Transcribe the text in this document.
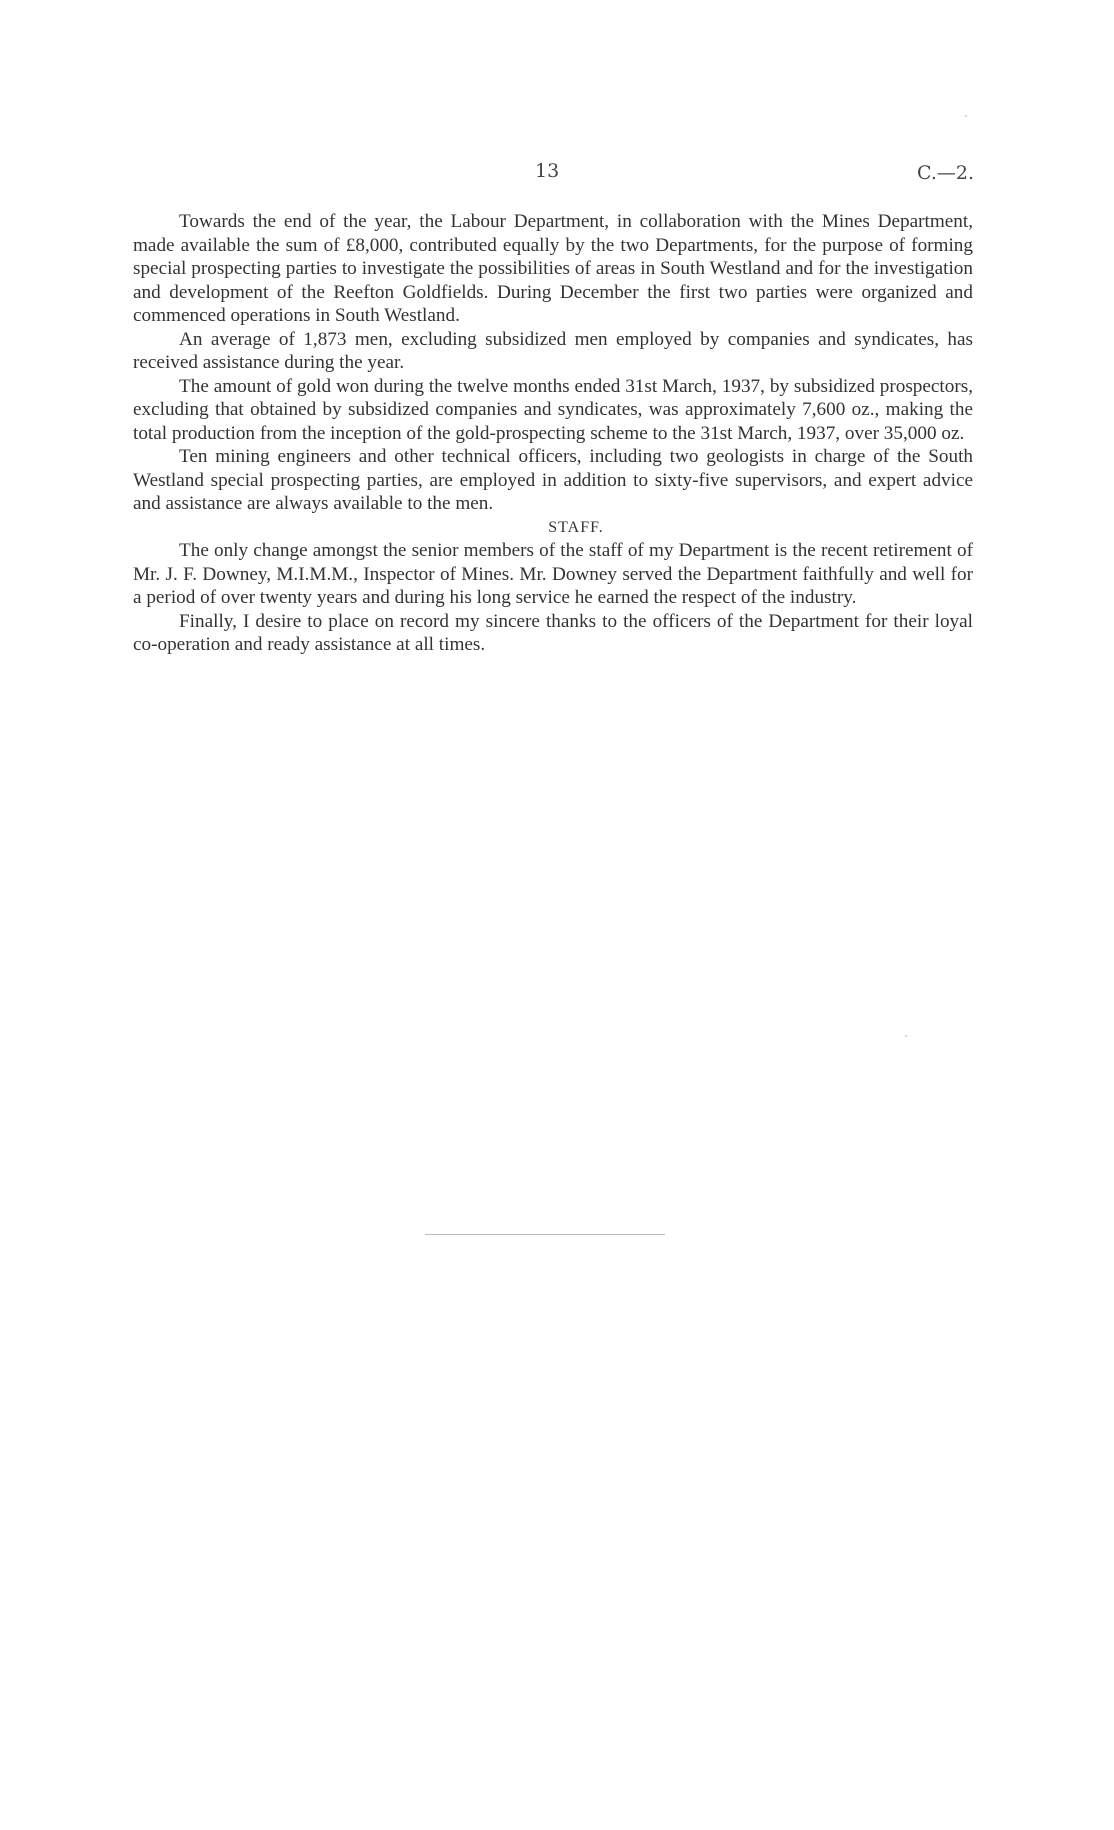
13	C.—2.

Towards the end of the year, the Labour Department, in collaboration with the Mines Department, made available the sum of £8,000, contributed equally by the two Departments, for the purpose of forming special prospecting parties to investigate the possibilities of areas in South Westland and for the investigation and development of the Reefton Goldfields. During December the first two parties were organized and commenced operations in South Westland.

An average of 1,873 men, excluding subsidized men employed by companies and syndicates, has received assistance during the year.

The amount of gold won during the twelve months ended 31st March, 1937, by subsidized prospectors, excluding that obtained by subsidized companies and syndicates, was approximately 7,600 oz., making the total production from the inception of the gold-prospecting scheme to the 31st March, 1937, over 35,000 oz.

Ten mining engineers and other technical officers, including two geologists in charge of the South Westland special prospecting parties, are employed in addition to sixty-five supervisors, and expert advice and assistance are always available to the men.

STAFF.

The only change amongst the senior members of the staff of my Department is the recent retirement of Mr. J. F. Downey, M.I.M.M., Inspector of Mines. Mr. Downey served the Department faithfully and well for a period of over twenty years and during his long service he earned the respect of the industry.

Finally, I desire to place on record my sincere thanks to the officers of the Department for their loyal co-operation and ready assistance at all times.
